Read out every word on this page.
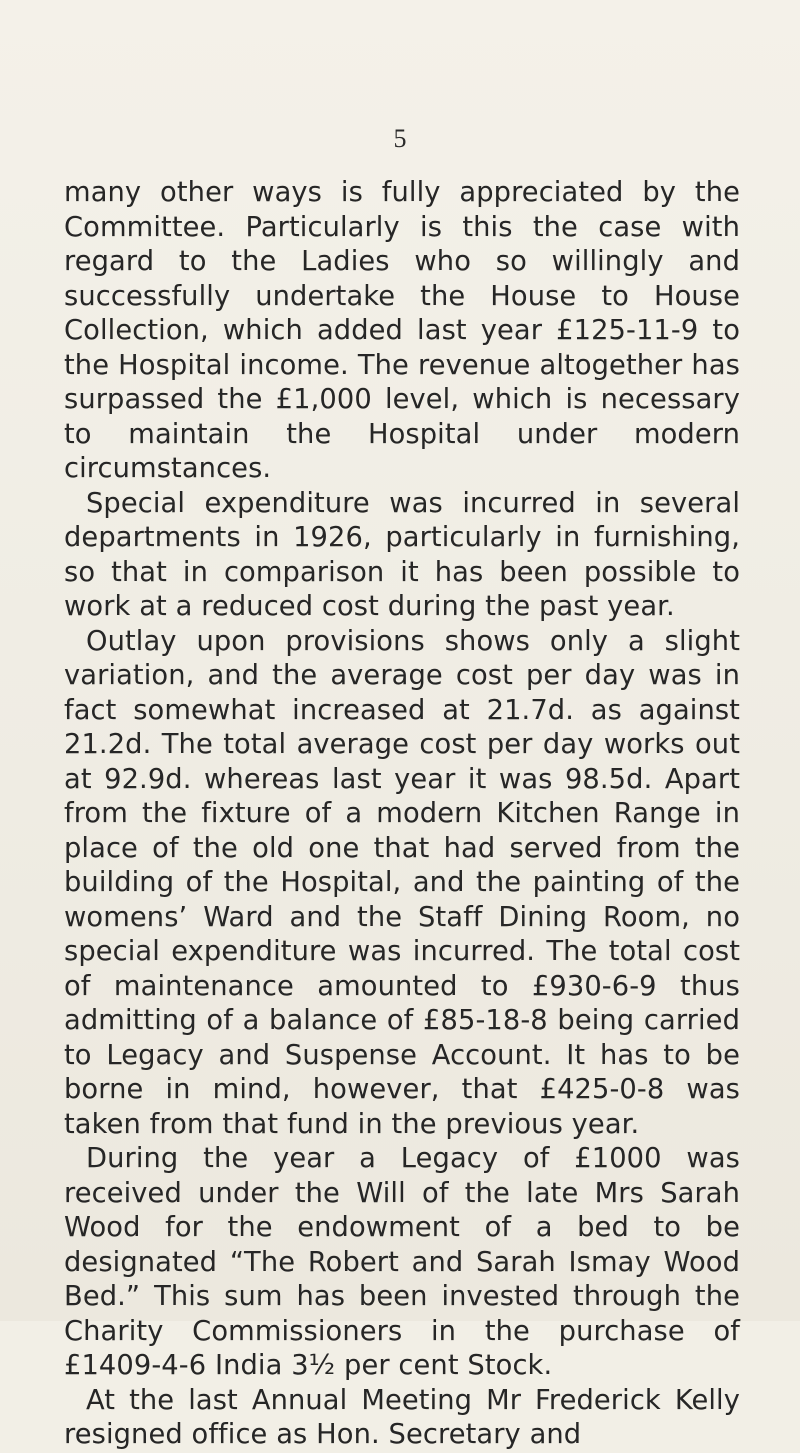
5

many other ways is fully appreciated by the Committee. Particularly is this the case with regard to the Ladies who so willingly and successfully undertake the House to House Collection, which added last year £125-11-9 to the Hospital income. The revenue altogether has surpassed the £1,000 level, which is necessary to maintain the Hospital under modern circumstances.

Special expenditure was incurred in several departments in 1926, particularly in furnishing, so that in comparison it has been possible to work at a reduced cost during the past year.

Outlay upon provisions shows only a slight variation, and the average cost per day was in fact somewhat increased at 21.7d. as against 21.2d. The total average cost per day works out at 92.9d. whereas last year it was 98.5d. Apart from the fixture of a modern Kitchen Range in place of the old one that had served from the building of the Hospital, and the painting of the womens’ Ward and the Staff Dining Room, no special expenditure was incurred. The total cost of maintenance amounted to £930-6-9 thus admitting of a balance of £85-18-8 being carried to Legacy and Suspense Account. It has to be borne in mind, however, that £425-0-8 was taken from that fund in the previous year.

During the year a Legacy of £1000 was received under the Will of the late Mrs Sarah Wood for the endowment of a bed to be designated “The Robert and Sarah Ismay Wood Bed.” This sum has been invested through the Charity Commissioners in the purchase of £1409-4-6 India 3½ per cent Stock.

At the last Annual Meeting Mr Frederick Kelly resigned office as Hon. Secretary and
